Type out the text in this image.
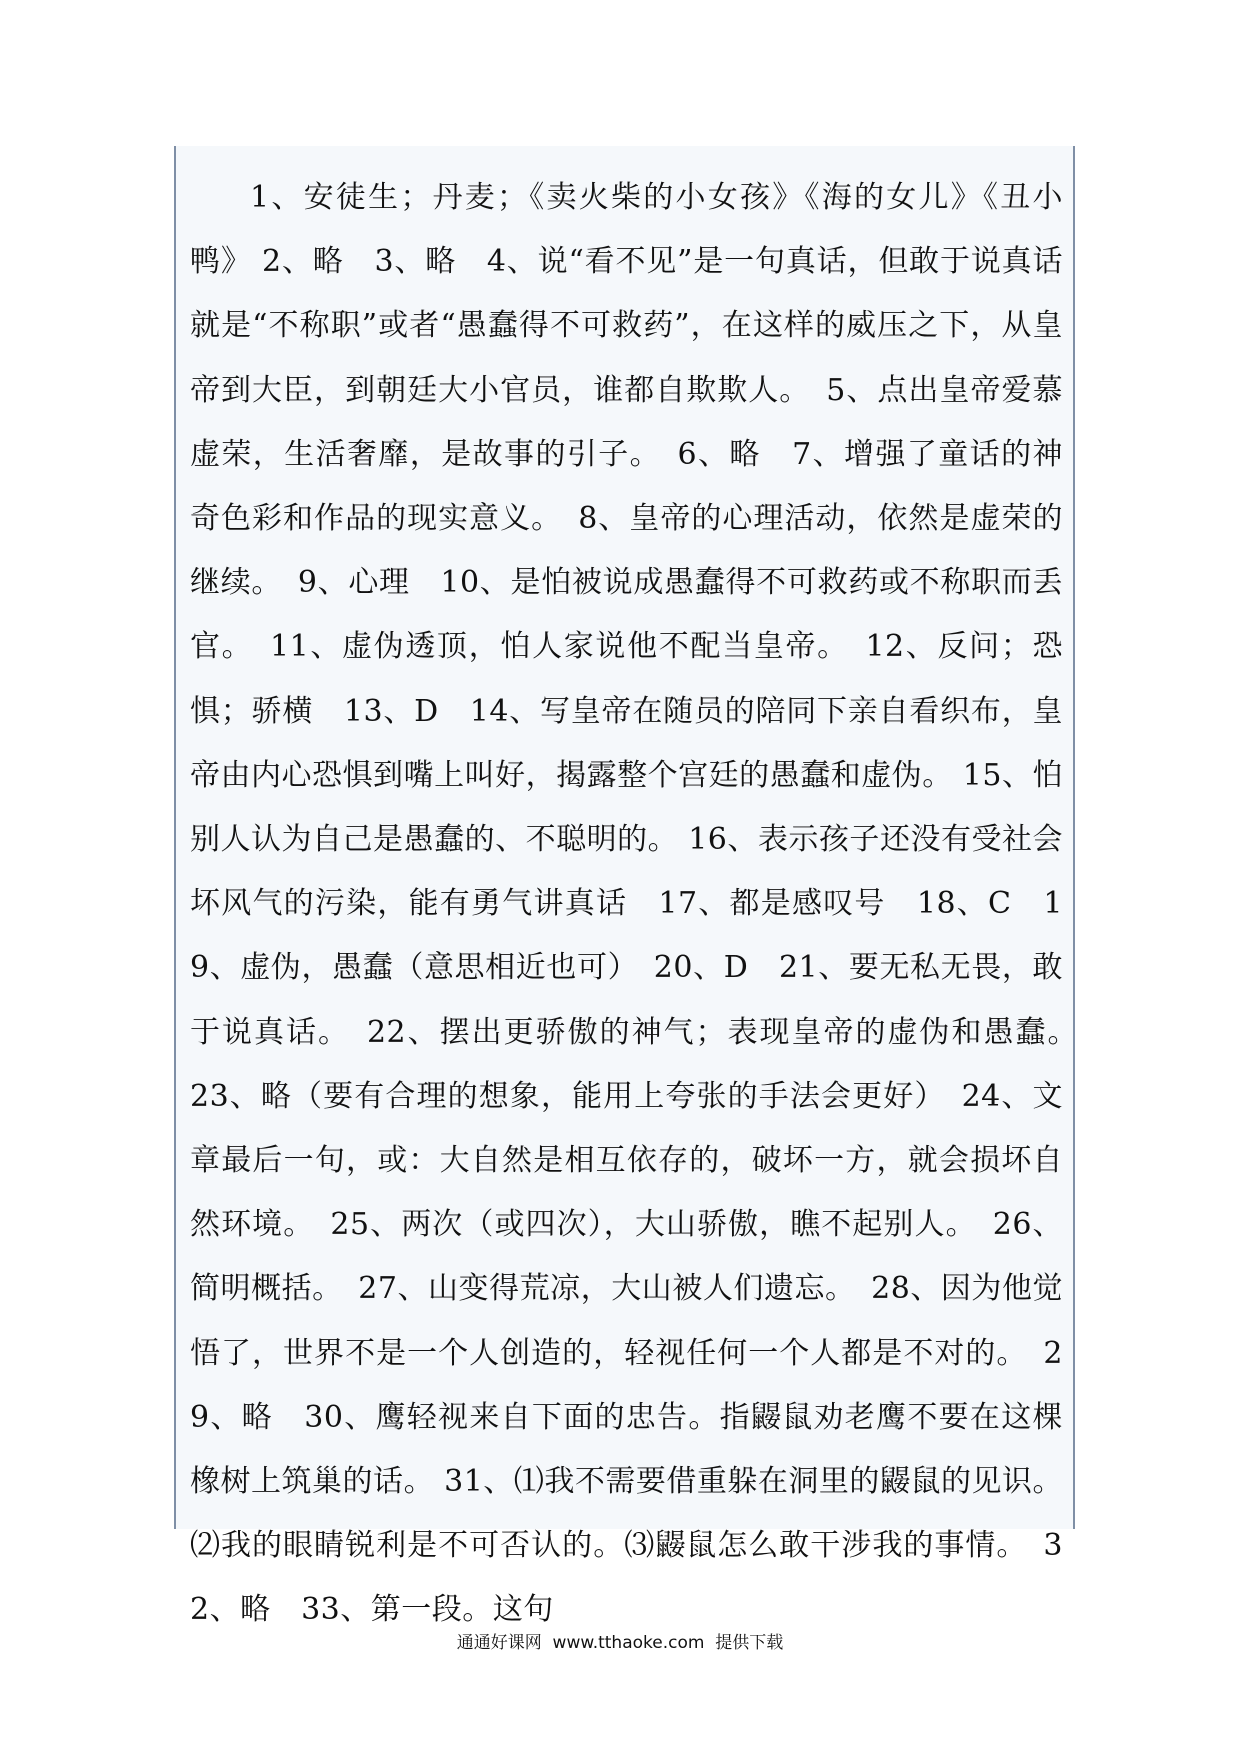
1、安徒生；丹麦；《卖火柴的小女孩》《海的女儿》《丑小鸭》 2、略　3、略　4、说“看不见”是一句真话，但敢于说真话就是“不称职”或者“愚蠢得不可救药”，在这样的威压之下，从皇帝到大臣，到朝廷大小官员，谁都自欺欺人。　5、点出皇帝爱慕虚荣，生活奢靡，是故事的引子。　6、略　7、增强了童话的神奇色彩和作品的现实意义。　8、皇帝的心理活动，依然是虚荣的继续。　9、心理　10、是怕被说成愚蠢得不可救药或不称职而丢官。　11、虚伪透顶，怕人家说他不配当皇帝。　12、反问；恐惧；骄横　13、D　14、写皇帝在随员的陪同下亲自看织布，皇帝由内心恐惧到嘴上叫好，揭露整个宫廷的愚蠢和虚伪。 15、怕别人认为自己是愚蠢的、不聪明的。 16、表示孩子还没有受社会坏风气的污染，能有勇气讲真话　17、都是感叹号　18、C　19、虚伪，愚蠢（意思相近也可）　20、D　21、要无私无畏，敢于说真话。　22、摆出更骄傲的神气；表现皇帝的虚伪和愚蠢。　23、略（要有合理的想象，能用上夸张的手法会更好）　24、文章最后一句，或：大自然是相互依存的，破坏一方，就会损坏自然环境。　25、两次（或四次），大山骄傲，瞧不起别人。　26、简明概括。　27、山变得荒凉，大山被人们遗忘。　28、因为他觉悟了，世界不是一个人创造的，轻视任何一个人都是不对的。　29、略　30、鹰轻视来自下面的忠告。指鼹鼠劝老鹰不要在这棵橡树上筑巢的话。 31、⑴我不需要借重躲在洞里的鼹鼠的见识。⑵我的眼睛锐利是不可否认的。⑶鼹鼠怎么敢干涉我的事情。　32、略　33、第一段。这句

通通好课网  www.tthaoke.com  提供下载
